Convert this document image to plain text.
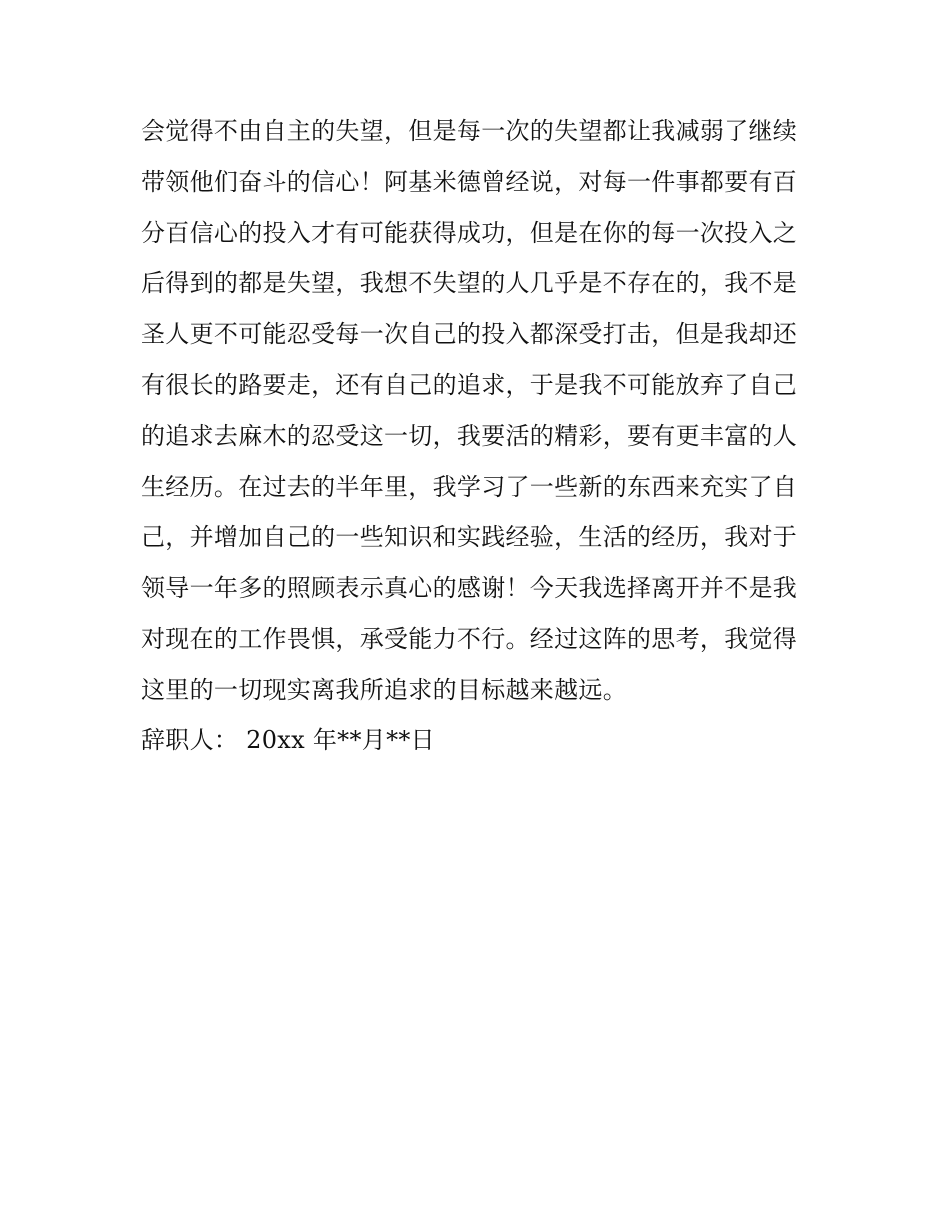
会觉得不由自主的失望，但是每一次的失望都让我减弱了继续
带领他们奋斗的信心！阿基米德曾经说，对每一件事都要有百
分百信心的投入才有可能获得成功，但是在你的每一次投入之
后得到的都是失望，我想不失望的人几乎是不存在的，我不是
圣人更不可能忍受每一次自己的投入都深受打击，但是我却还
有很长的路要走，还有自己的追求，于是我不可能放弃了自己
的追求去麻木的忍受这一切，我要活的精彩，要有更丰富的人
生经历。在过去的半年里，我学习了一些新的东西来充实了自
己，并增加自己的一些知识和实践经验，生活的经历，我对于
领导一年多的照顾表示真心的感谢！今天我选择离开并不是我
对现在的工作畏惧，承受能力不行。经过这阵的思考，我觉得
这里的一切现实离我所追求的目标越来越远。
辞职人： 20xx 年**月**日
